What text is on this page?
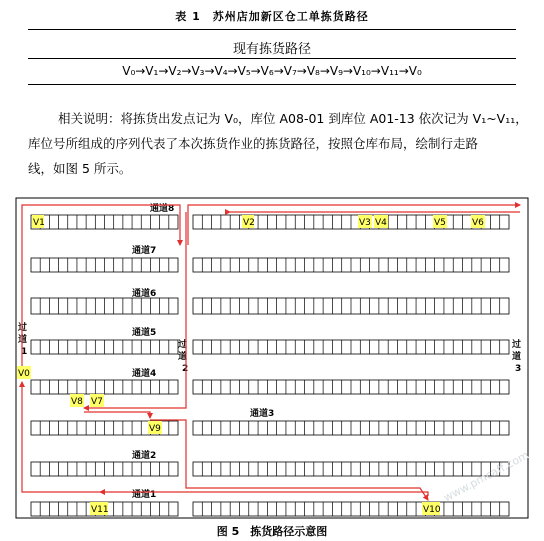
表 1　苏州店加新区仓工单拣货路径
现有拣货路径
V₀→V₁→V₂→V₃→V₄→V₅→V₆→V₇→V₈→V₉→V₁₀→V₁₁→V₀
相关说明：将拣货出发点记为 V₀，库位 A08-01 到库位 A01-13 依次记为 V₁~V₁₁，
库位号所组成的序列代表了本次拣货作业的拣货路径，按照仓库布局，绘制行走路
线，如图 5 所示。
通道8
通道7
通道6
通道5
通道4
通道3
通道2
通道1
过
道
1
过
道
2
过
道
3
V1	V2	V3 V4	V5	V6
V0
V8 V7
V9
V11	V10
图 5　拣货路径示意图
www.pmcaff.com
